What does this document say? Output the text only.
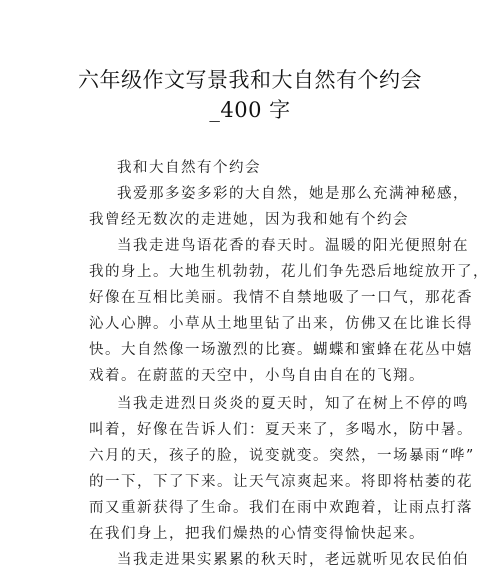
六年级作文写景我和大自然有个约会
_400 字
我和大自然有个约会
我爱那多姿多彩的大自然，她是那么充满神秘感，
我曾经无数次的走进她，因为我和她有个约会
当我走进鸟语花香的春天时。温暖的阳光便照射在
我的身上。大地生机勃勃，花儿们争先恐后地绽放开了，
好像在互相比美丽。我情不自禁地吸了一口气，那花香
沁人心脾。小草从土地里钻了出来，仿佛又在比谁长得
快。大自然像一场激烈的比赛。蝴蝶和蜜蜂在花丛中嬉
戏着。在蔚蓝的天空中，小鸟自由自在的飞翔。
当我走进烈日炎炎的夏天时，知了在树上不停的鸣
叫着，好像在告诉人们：夏天来了，多喝水，防中暑。
六月的天，孩子的脸，说变就变。突然，一场暴雨“哗”
的一下，下了下来。让天气凉爽起来。将即将枯萎的花
而又重新获得了生命。我们在雨中欢跑着，让雨点打落
在我们身上，把我们燥热的心情变得愉快起来。
当我走进果实累累的秋天时，老远就听见农民伯伯
